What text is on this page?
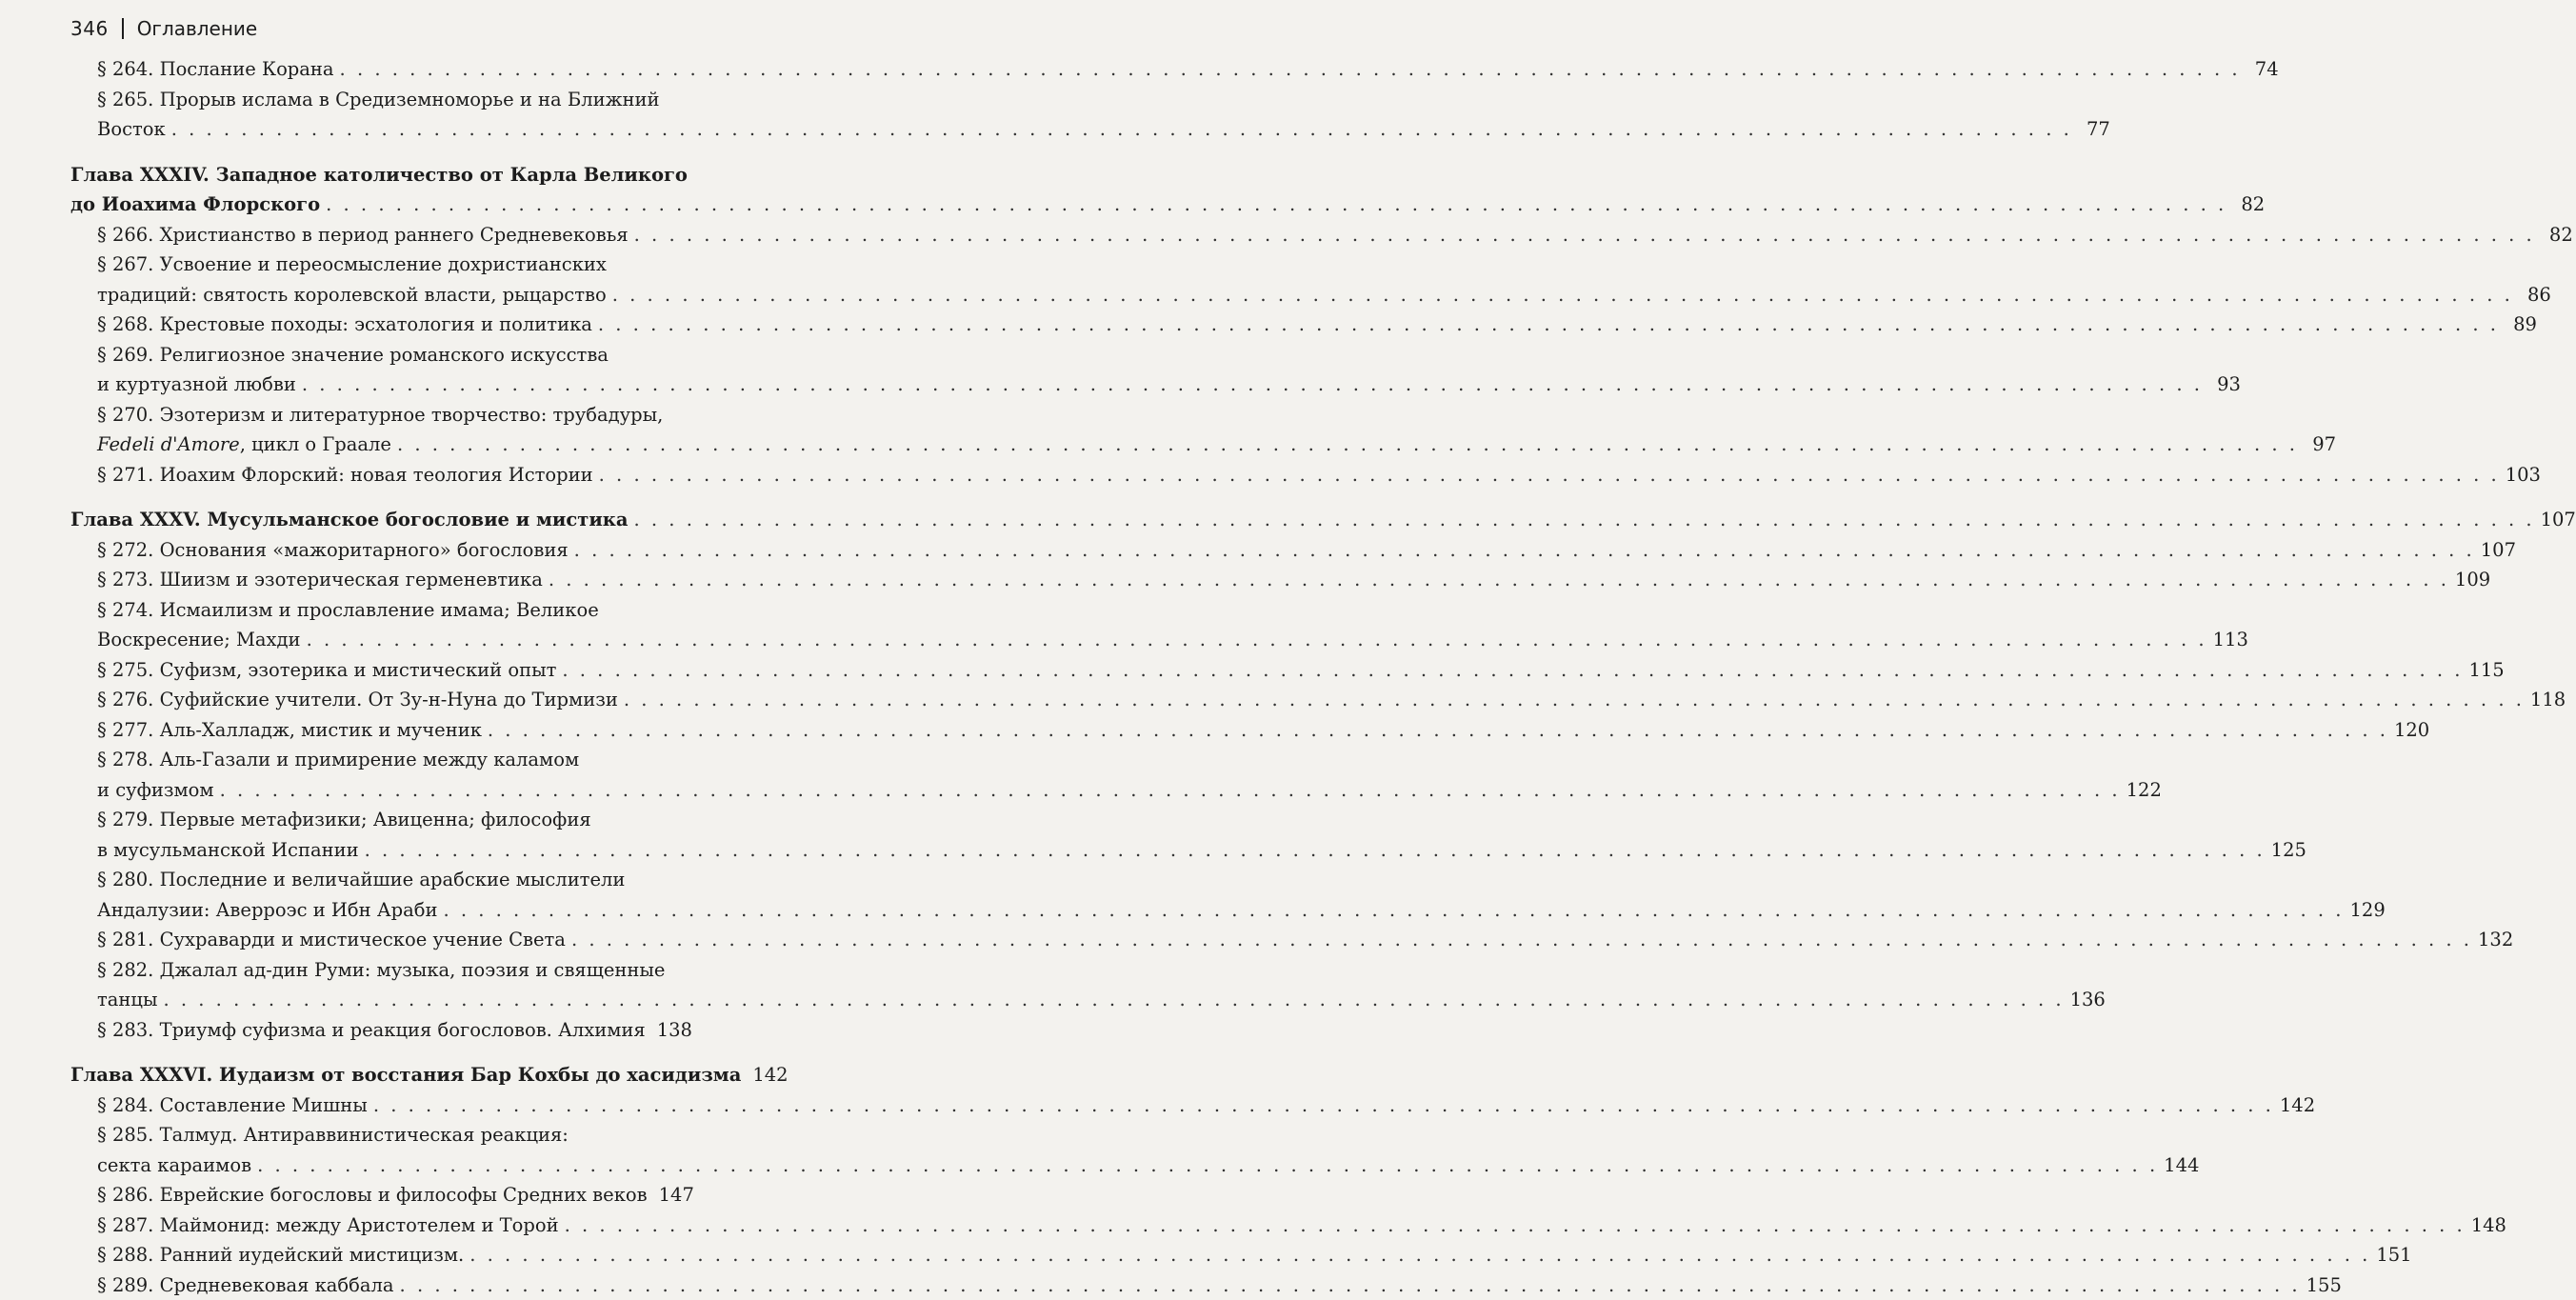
346 Оглавление
§ 264. Послание Корана . . .	74
§ 265. Прорыв ислама в Средиземноморье и на Ближний
Восток . . .	77
Глава XXXIV. Западное католичество от Карла Великого
до Иоахима Флорского . . .	82
§ 266. Христианство в период раннего Средневековья . . .	82
§ 267. Усвоение и переосмысление дохристианских
традиций: святость королевской власти, рыцарство . . .	86
§ 268. Крестовые походы: эсхатология и политика . . .	89
§ 269. Религиозное значение романского искусства
и куртуазной любви . . .	93
§ 270. Эзотеризм и литературное творчество: трубадуры,
Fedeli d'Amore, цикл о Граале . . .	97
§ 271. Иоахим Флорский: новая теология Истории . . .	103
Глава XXXV. Мусульманское богословие и мистика . . .	107
§ 272. Основания «мажоритарного» богословия . . .	107
§ 273. Шиизм и эзотерическая герменевтика . . .	109
§ 274. Исмаилизм и прославление имама; Великое
Воскресение; Махди . . .	113
§ 275. Суфизм, эзотерика и мистический опыт . . .	115
§ 276. Суфийские учители. От Зу-н-Нуна до Тирмизи . . .	118
§ 277. Аль-Халладж, мистик и мученик . . .	120
§ 278. Аль-Газали и примирение между каламом
и суфизмом . . .	122
§ 279. Первые метафизики; Авиценна; философия
в мусульманской Испании . . .	125
§ 280. Последние и величайшие арабские мыслители
Андалузии: Аверроэс и Ибн Араби . . .	129
§ 281. Сухраварди и мистическое учение Света . . .	132
§ 282. Джалал ад-дин Руми: музыка, поэзия и священные
танцы . . .	136
§ 283. Триумф суфизма и реакция богословов. Алхимия 138
Глава XXXVI. Иудаизм от восстания Бар Кохбы до хасидизма 142
§ 284. Составление Мишны . . .	142
§ 285. Талмуд. Антираввинистическая реакция:
секта караимов . . .	144
§ 286. Еврейские богословы и философы Средних веков 147
§ 287. Маймонид: между Аристотелем и Торой . . .	148
§ 288. Ранний иудейский мистицизм. . . .	151
§ 289. Средневековая каббала . . .	155
